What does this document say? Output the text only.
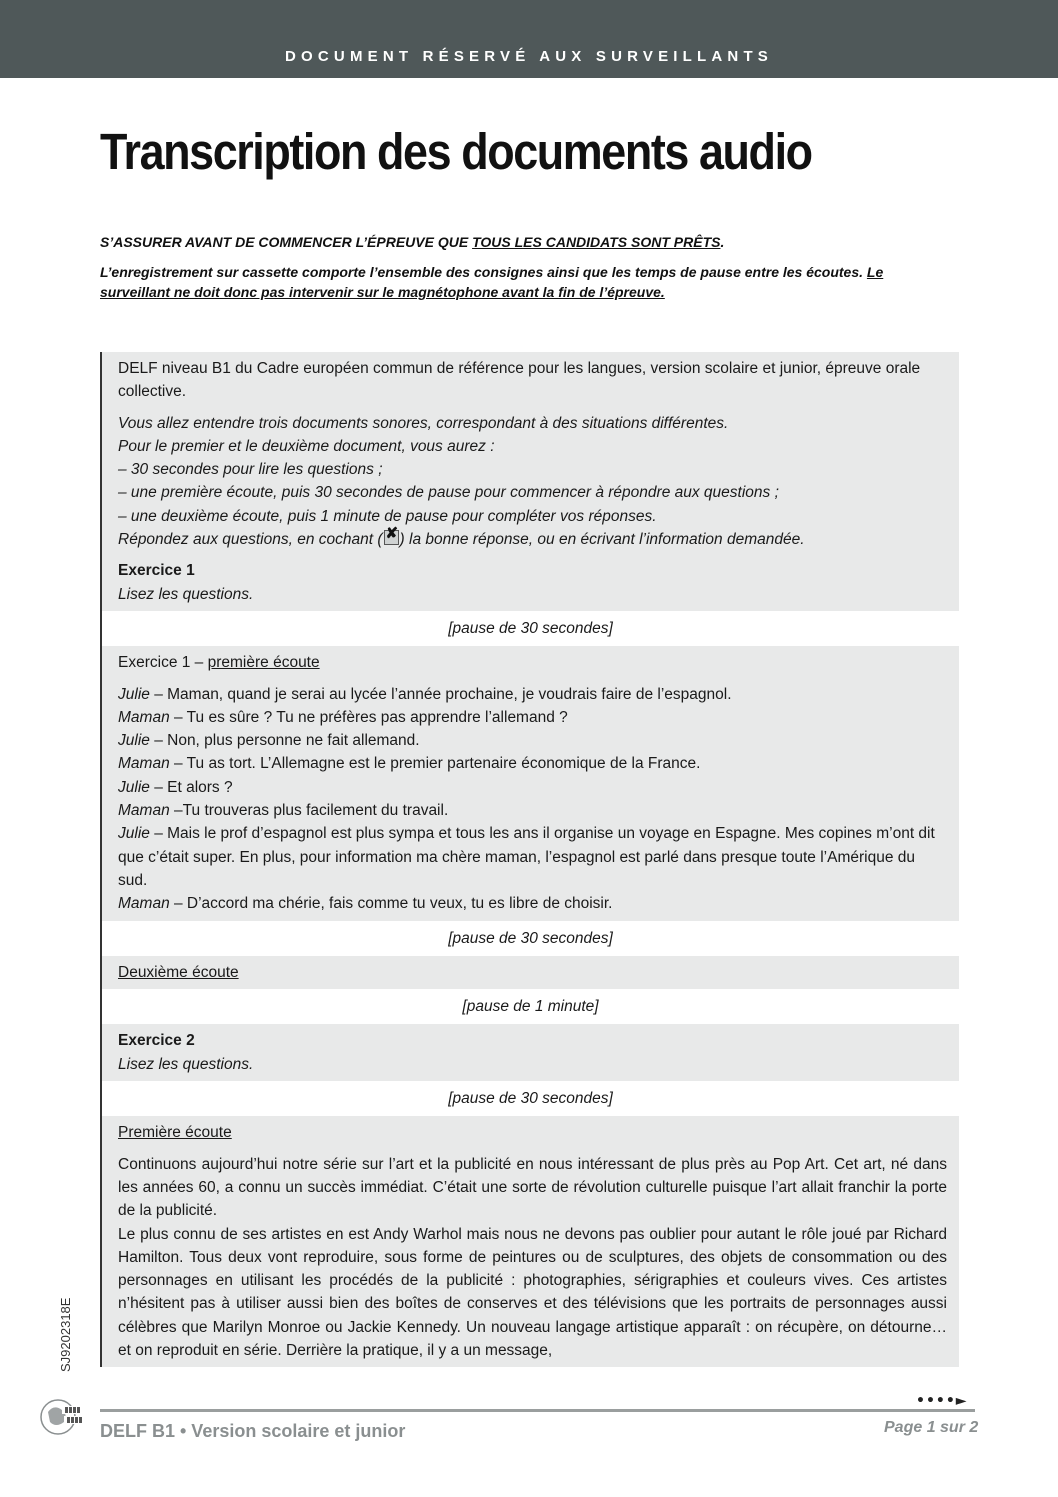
DOCUMENT RÉSERVÉ AUX SURVEILLANTS
Transcription des documents audio
S’ASSURER AVANT DE COMMENCER L’ÉPREUVE QUE TOUS LES CANDIDATS SONT PRÊTS.
L’enregistrement sur cassette comporte l’ensemble des consignes ainsi que les temps de pause entre les écoutes. Le surveillant ne doit donc pas intervenir sur le magnétophone avant la fin de l’épreuve.

DELF niveau B1 du Cadre européen commun de référence pour les langues, version scolaire et junior, épreuve orale collective.

Vous allez entendre trois documents sonores, correspondant à des situations différentes.

Pour le premier et le deuxième document, vous aurez :

– 30 secondes pour lire les questions ;

– une première écoute, puis 30 secondes de pause pour commencer à répondre aux questions ;

– une deuxième écoute, puis 1 minute de pause pour compléter vos réponses.

Répondez aux questions, en cochant ( ✘ ) la bonne réponse, ou en écrivant l’information demandée.

Exercice 1

Lisez les questions.

[pause de 30 secondes]

Exercice 1 – première écoute

Julie – Maman, quand je serai au lycée l’année prochaine, je voudrais faire de l’espagnol.

Maman – Tu es sûre ? Tu ne préfères pas apprendre l’allemand ?

Julie – Non, plus personne ne fait allemand.

Maman – Tu as tort. L’Allemagne est le premier partenaire économique de la France.

Julie – Et alors ?

Maman –Tu trouveras plus facilement du travail.

Julie – Mais le prof d’espagnol est plus sympa et tous les ans il organise un voyage en Espagne. Mes copines m’ont dit que c’était super. En plus, pour information ma chère maman, l’espagnol est parlé dans presque toute l’Amérique du sud.

Maman – D’accord ma chérie, fais comme tu veux, tu es libre de choisir.

[pause de 30 secondes]

Deuxième écoute

[pause de 1 minute]

Exercice 2

Lisez les questions.

[pause de 30 secondes]

Première écoute

Continuons aujourd’hui notre série sur l’art et la publicité en nous intéressant de plus près au Pop Art. Cet art, né dans les années 60, a connu un succès immédiat. C’était une sorte de révolution culturelle puisque l’art allait franchir la porte de la publicité.

Le plus connu de ses artistes en est Andy Warhol mais nous ne devons pas oublier pour autant le rôle joué par Richard Hamilton. Tous deux vont reproduire, sous forme de peintures ou de sculptures, des objets de consommation ou des personnages en utilisant les procédés de la publicité : photographies, sérigraphies et couleurs vives. Ces artistes n’hésitent pas à utiliser aussi bien des boîtes de conserves et des télévisions que les portraits de personnages aussi célèbres que Marilyn Monroe ou Jackie Kennedy. Un nouveau langage artistique apparaît : on récupère, on détourne… et on reproduit en série. Derrière la pratique, il y a un message,

••••►
SJ9202318E
DELF B1 • Version scolaire et junior	Page 1 sur 2
